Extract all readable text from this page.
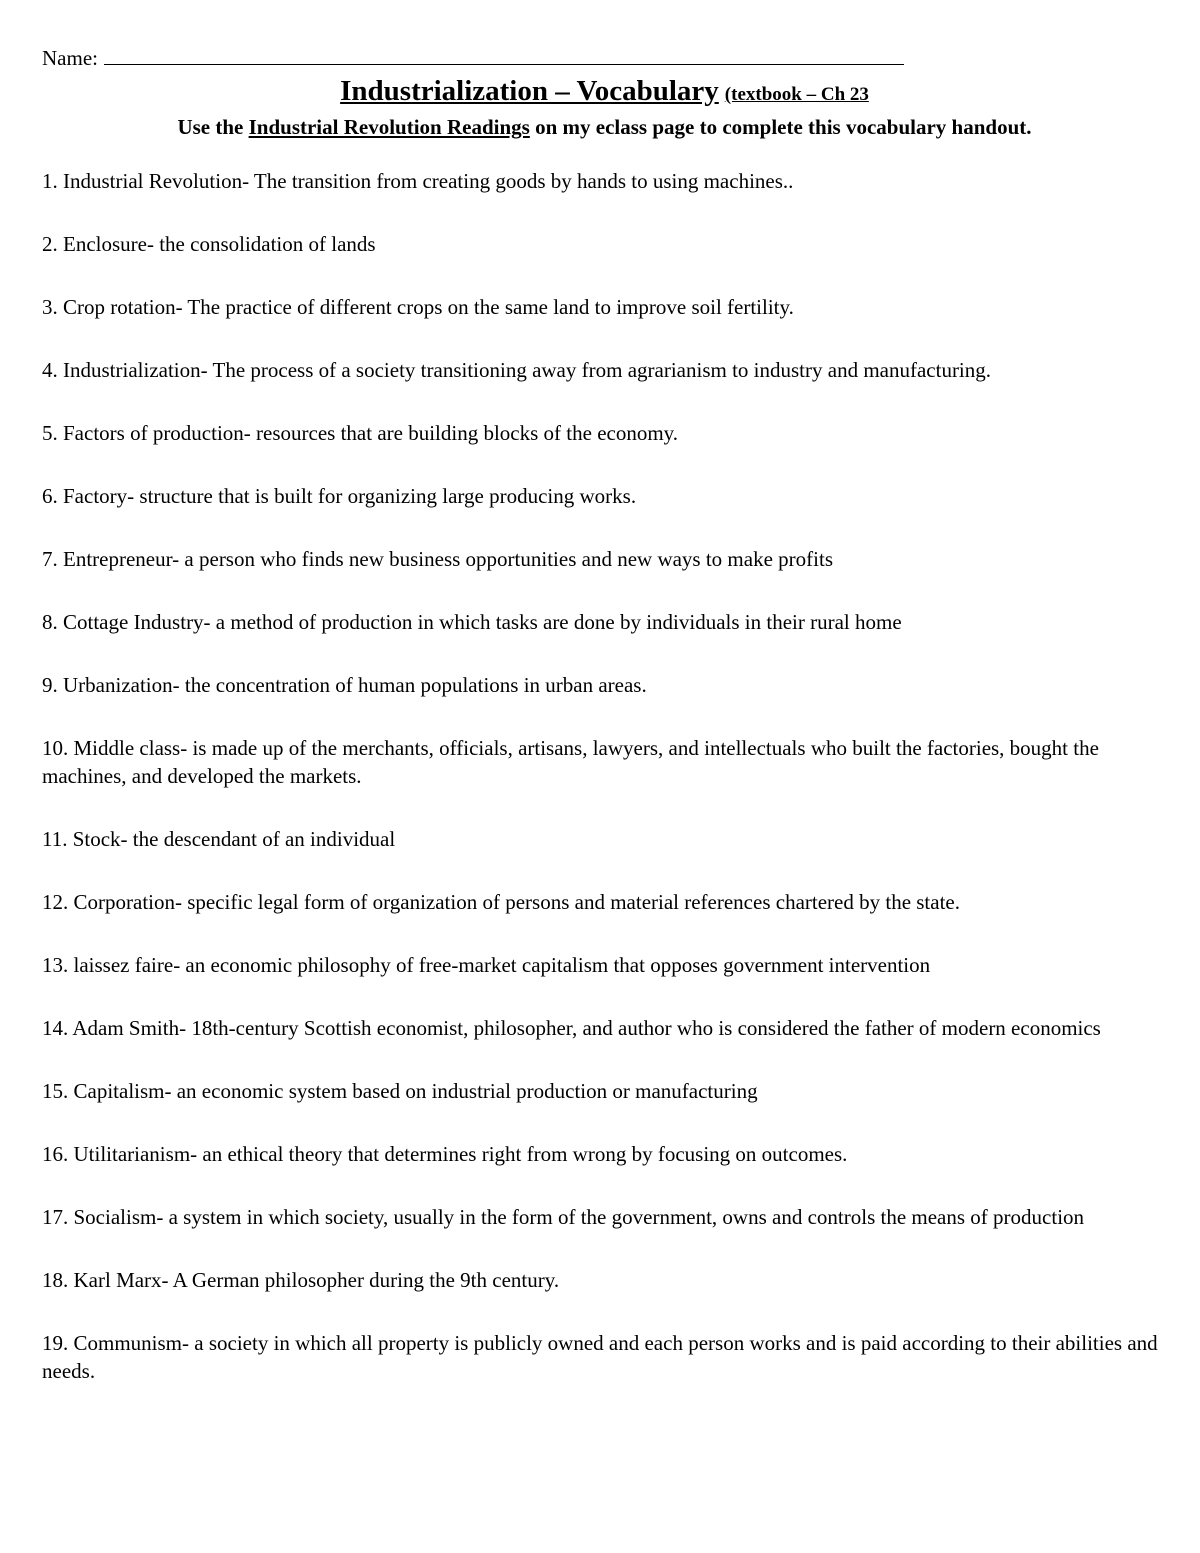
Name:
Industrialization – Vocabulary (textbook – Ch 23
Use the Industrial Revolution Readings on my eclass page to complete this vocabulary handout.
1. Industrial Revolution- The transition from creating goods by hands to using machines..
2. Enclosure- the consolidation of lands
3. Crop rotation- The practice of different crops on the same land to improve soil fertility.
4. Industrialization- The process of a society transitioning away from agrarianism to industry and manufacturing.
5. Factors of production- resources that are building blocks of the economy.
6. Factory- structure that is built for organizing large producing works.
7. Entrepreneur- a person who finds new business opportunities and new ways to make profits
8. Cottage Industry- a method of production in which tasks are done by individuals in their rural home
9. Urbanization- the concentration of human populations in urban areas.
10. Middle class- is made up of the merchants, officials, artisans, lawyers, and intellectuals who built the factories, bought the machines, and developed the markets.
11. Stock- the descendant of an individual
12. Corporation- specific legal form of organization of persons and material references chartered by the state.
13. laissez faire- an economic philosophy of free-market capitalism that opposes government intervention
14. Adam Smith- 18th-century Scottish economist, philosopher, and author who is considered the father of modern economics
15. Capitalism- an economic system based on industrial production or manufacturing
16. Utilitarianism- an ethical theory that determines right from wrong by focusing on outcomes.
17. Socialism- a system in which society, usually in the form of the government, owns and controls the means of production
18. Karl Marx- A German philosopher during the 9th century.
19. Communism- a society in which all property is publicly owned and each person works and is paid according to their abilities and needs.
